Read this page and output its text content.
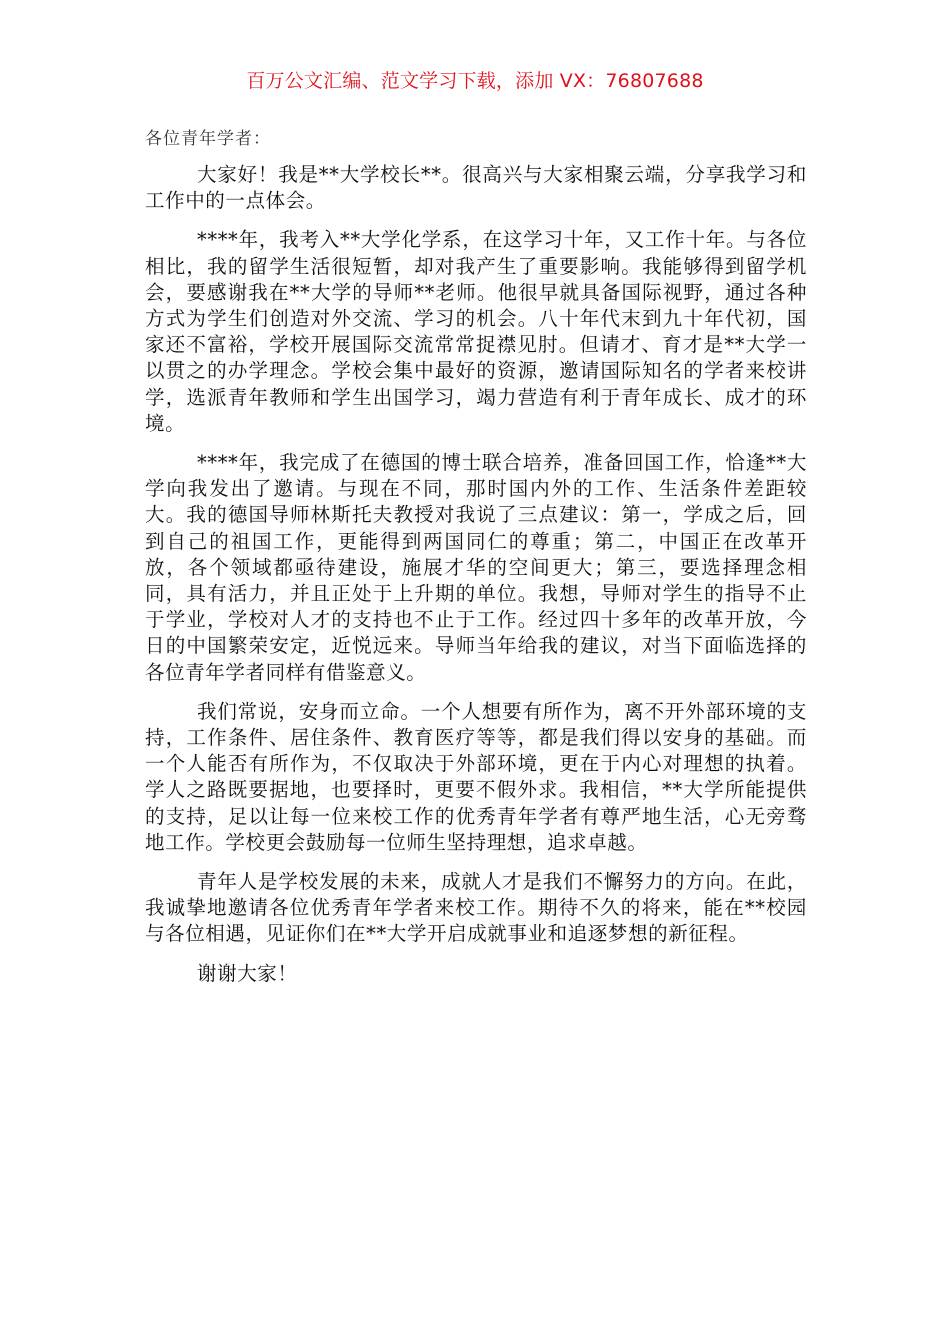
百万公文汇编、范文学习下载，添加 VX：76807688
各位青年学者：

大家好！我是**大学校长**。很高兴与大家相聚云端，分享我学习和工作中的一点体会。

****年，我考入**大学化学系，在这学习十年，又工作十年。与各位相比，我的留学生活很短暂，却对我产生了重要影响。我能够得到留学机会，要感谢我在**大学的导师**老师。他很早就具备国际视野，通过各种方式为学生们创造对外交流、学习的机会。八十年代末到九十年代初，国家还不富裕，学校开展国际交流常常捉襟见肘。但请才、育才是**大学一以贯之的办学理念。学校会集中最好的资源，邀请国际知名的学者来校讲学，选派青年教师和学生出国学习，竭力营造有利于青年成长、成才的环境。

****年，我完成了在德国的博士联合培养，准备回国工作，恰逢**大学向我发出了邀请。与现在不同，那时国内外的工作、生活条件差距较大。我的德国导师林斯托夫教授对我说了三点建议：第一，学成之后，回到自己的祖国工作，更能得到两国同仁的尊重；第二，中国正在改革开放，各个领域都亟待建设，施展才华的空间更大；第三，要选择理念相同，具有活力，并且正处于上升期的单位。我想，导师对学生的指导不止于学业，学校对人才的支持也不止于工作。经过四十多年的改革开放，今日的中国繁荣安定，近悦远来。导师当年给我的建议，对当下面临选择的各位青年学者同样有借鉴意义。

我们常说，安身而立命。一个人想要有所作为，离不开外部环境的支持，工作条件、居住条件、教育医疗等等，都是我们得以安身的基础。而一个人能否有所作为，不仅取决于外部环境，更在于内心对理想的执着。学人之路既要据地，也要择时，更要不假外求。我相信，**大学所能提供的支持，足以让每一位来校工作的优秀青年学者有尊严地生活，心无旁骛地工作。学校更会鼓励每一位师生坚持理想，追求卓越。

青年人是学校发展的未来，成就人才是我们不懈努力的方向。在此，我诚挚地邀请各位优秀青年学者来校工作。期待不久的将来，能在**校园与各位相遇，见证你们在**大学开启成就事业和追逐梦想的新征程。

谢谢大家！
